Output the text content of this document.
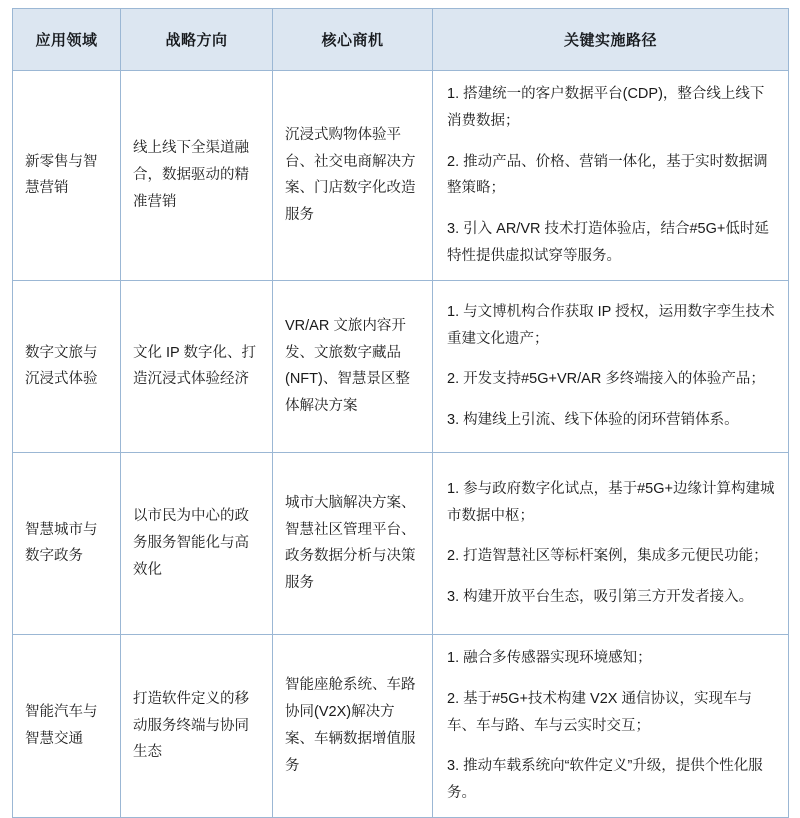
应用领域	战略方向	核心商机	关键实施路径
新零售与智慧营销	线上线下全渠道融合，数据驱动的精准营销	沉浸式购物体验平台、社交电商解决方案、门店数字化改造服务	1. 搭建统一的客户数据平台(CDP)，整合线上线下消费数据；

2. 推动产品、价格、营销一体化，基于实时数据调整策略；

3. 引入 AR/VR 技术打造体验店，结合#5G+低时延特性提供虚拟试穿等服务。

数字文旅与沉浸式体验	文化 IP 数字化、打造沉浸式体验经济	VR/AR 文旅内容开发、文旅数字藏品(NFT)、智慧景区整体解决方案	1. 与文博机构合作获取 IP 授权，运用数字孪生技术重建文化遗产；

2. 开发支持#5G+VR/AR 多终端接入的体验产品；

3. 构建线上引流、线下体验的闭环营销体系。

智慧城市与数字政务	以市民为中心的政务服务智能化与高效化	城市大脑解决方案、智慧社区管理平台、政务数据分析与决策服务	1. 参与政府数字化试点，基于#5G+边缘计算构建城市数据中枢；

2. 打造智慧社区等标杆案例，集成多元便民功能；

3. 构建开放平台生态，吸引第三方开发者接入。

智能汽车与智慧交通	打造软件定义的移动服务终端与协同生态	智能座舱系统、车路协同(V2X)解决方案、车辆数据增值服务	1. 融合多传感器实现环境感知；

2. 基于#5G+技术构建 V2X 通信协议，实现车与车、车与路、车与云实时交互；

3. 推动车载系统向“软件定义”升级，提供个性化服务。
